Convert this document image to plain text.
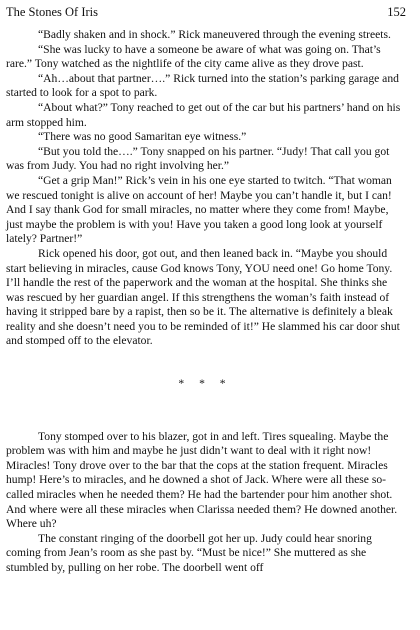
The Stones Of Iris	152

“Badly shaken and in shock.” Rick maneuvered through the evening streets.

“She was lucky to have a someone be aware of what was going on. That’s rare.” Tony watched as the nightlife of the city came alive as they drove past.

“Ah…about that partner….” Rick turned into the station’s parking garage and started to look for a spot to park.

“About what?” Tony reached to get out of the car but his partners’ hand on his arm stopped him.

“There was no good Samaritan eye witness.”

“But you told the….” Tony snapped on his partner. “Judy! That call you got was from Judy. You had no right involving her.”

“Get a grip Man!” Rick’s vein in his one eye started to twitch. “That woman we rescued tonight is alive on account of her! Maybe you can’t handle it, but I can! And I say thank God for small miracles, no matter where they come from! Maybe, just maybe the problem is with you! Have you taken a good long look at yourself lately? Partner!”

Rick opened his door, got out, and then leaned back in. “Maybe you should start believing in miracles, cause God knows Tony, YOU need one! Go home Tony. I’ll handle the rest of the paperwork and the woman at the hospital. She thinks she was rescued by her guardian angel. If this strengthens the woman’s faith instead of having it stripped bare by a rapist, then so be it. The alternative is definitely a bleak reality and she doesn’t need you to be reminded of it!” He slammed his car door shut and stomped off to the elevator.

* * *

Tony stomped over to his blazer, got in and left. Tires squealing. Maybe the problem was with him and maybe he just didn’t want to deal with it right now! Miracles! Tony drove over to the bar that the cops at the station frequent. Miracles hump! Here’s to miracles, and he downed a shot of Jack. Where were all these so-called miracles when he needed them? He had the bartender pour him another shot. And where were all these miracles when Clarissa needed them? He downed another. Where uh?

The constant ringing of the doorbell got her up. Judy could hear snoring coming from Jean’s room as she past by. “Must be nice!” She muttered as she stumbled by, pulling on her robe. The doorbell went off
